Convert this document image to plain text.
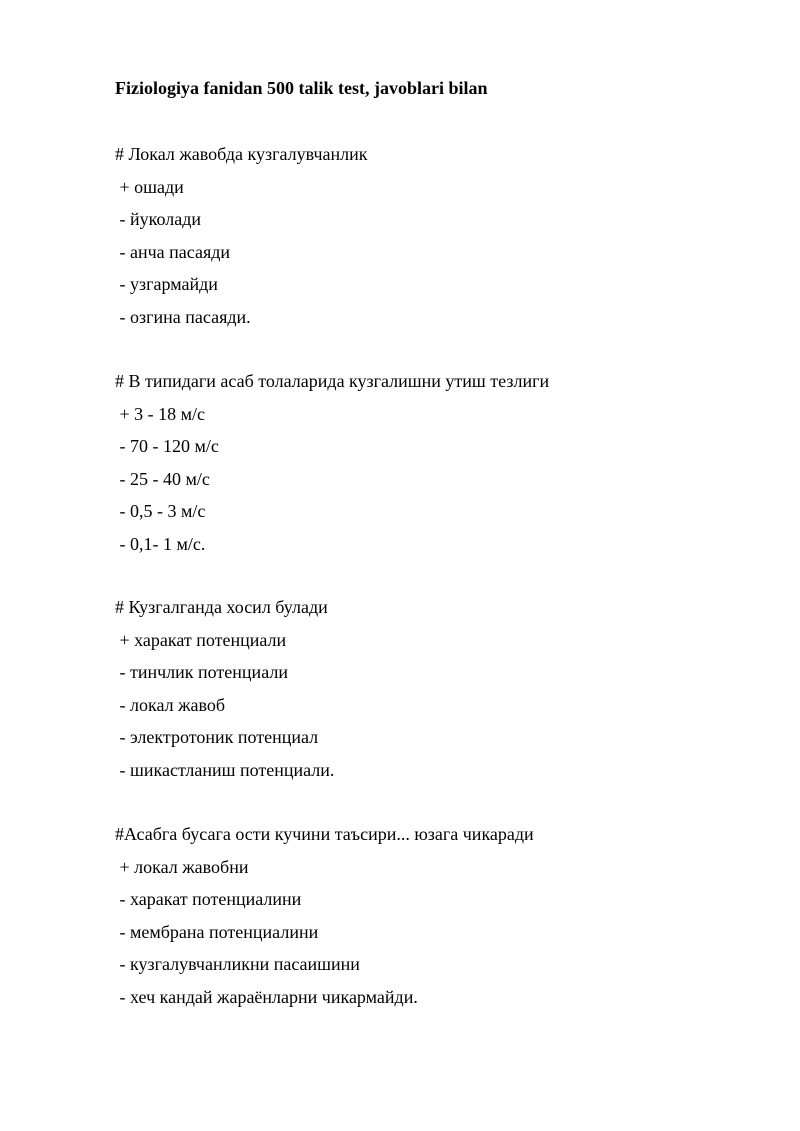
Fiziologiya fanidan 500 talik test, javoblari bilan
# Локал жавобда кузгалувчанлик
+ ошади
- йуколади
- анча пасаяди
- узгармайди
- озгина пасаяди.
# В типидаги асаб толаларида кузгалишни утиш тезлиги
+ 3 - 18 м/с
- 70 - 120 м/с
- 25 - 40 м/с
- 0,5 - 3 м/с
- 0,1- 1 м/с.
# Кузгалганда хосил булади
+ харакат потенциали
- тинчлик потенциали
- локал жавоб
- электротоник потенциал
- шикастланиш потенциали.
#Асабга бусага ости кучини таъсири... юзага чикаради
+ локал жавобни
- харакат потенциалини
- мембрана потенциалини
- кузгалувчанликни пасаишини
- хеч кандай жараёнларни чикармайди.
